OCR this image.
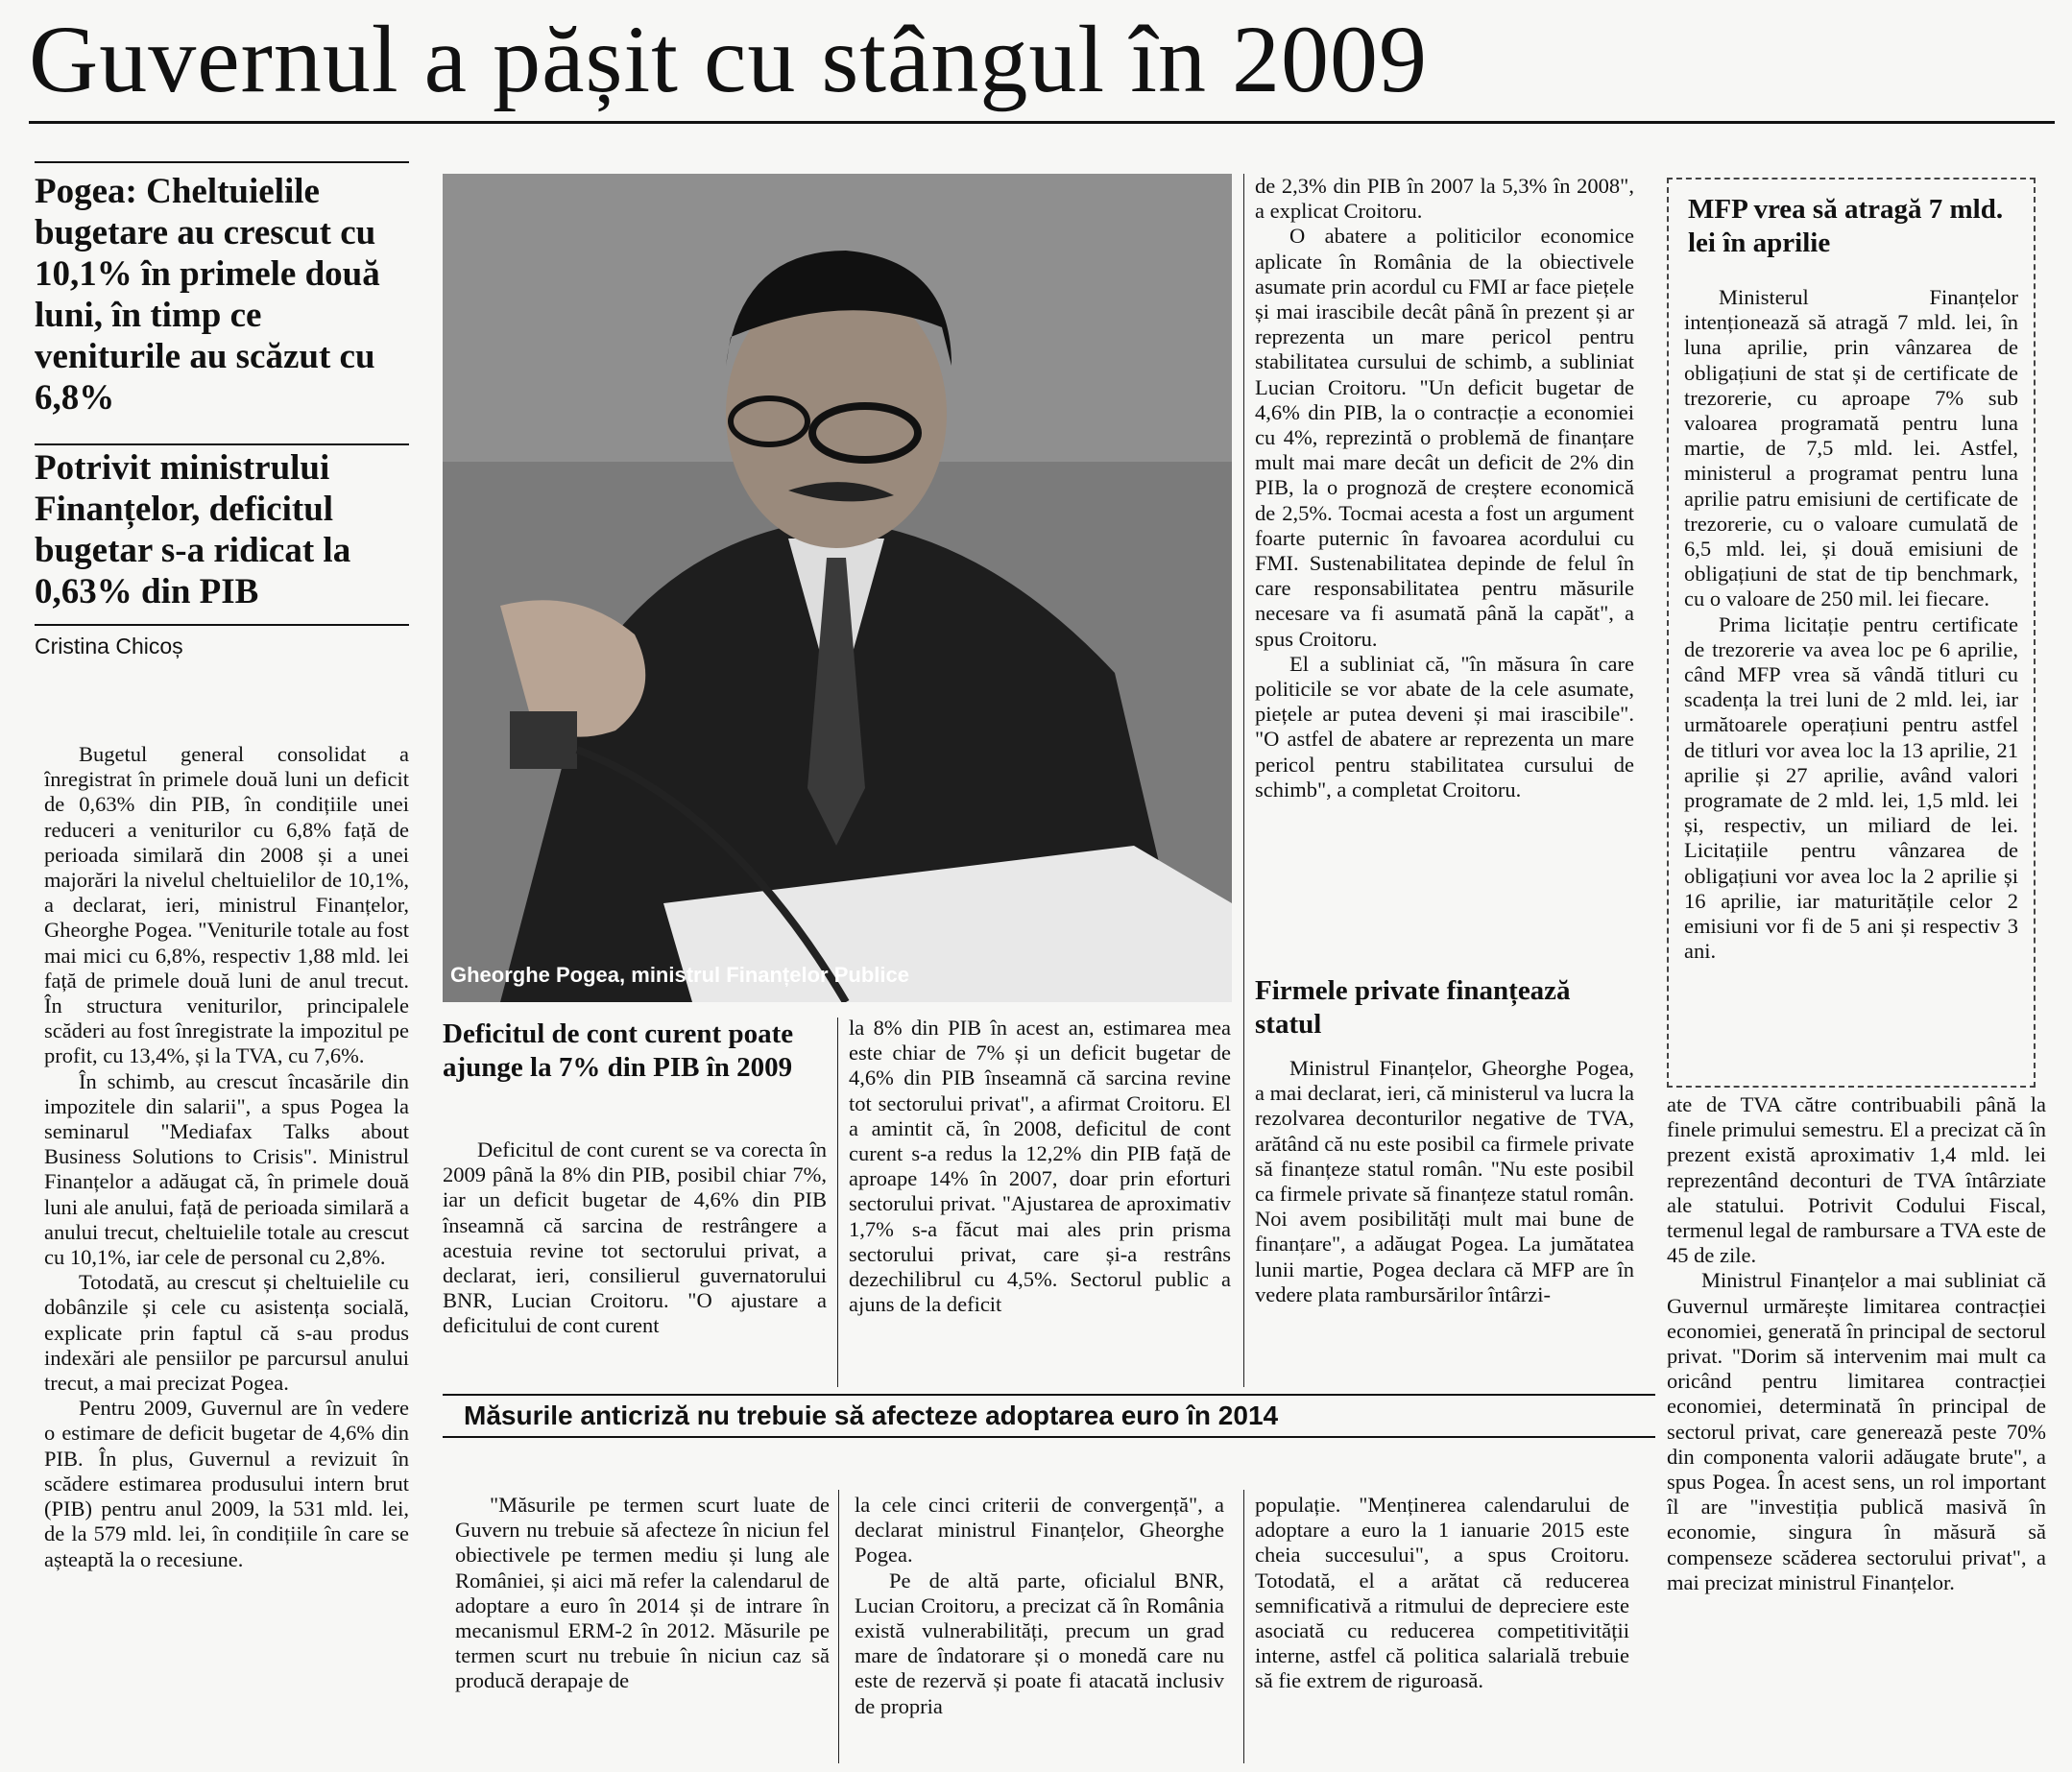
Guvernul a pășit cu stângul în 2009
Pogea: Cheltuielile bugetare au crescut cu 10,1% în primele două luni, în timp ce veniturile au scăzut cu 6,8%
Potrivit ministrului Finanțelor, deficitul bugetar s-a ridicat la 0,63% din PIB
Cristina Chicoș

Bugetul general consolidat a înregistrat în primele două luni un deficit de 0,63% din PIB, în condițiile unei reduceri a veniturilor cu 6,8% față de perioada similară din 2008 și a unei majorări la nivelul cheltuielilor de 10,1%, a declarat, ieri, ministrul Finanțelor, Gheorghe Pogea. "Veniturile totale au fost mai mici cu 6,8%, respectiv 1,88 mld. lei față de primele două luni de anul trecut. În structura veniturilor, principalele scăderi au fost înregistrate la impozitul pe profit, cu 13,4%, și la TVA, cu 7,6%.

În schimb, au crescut încasările din impozitele din salarii", a spus Pogea la seminarul "Mediafax Talks about Business Solutions to Crisis". Ministrul Finanțelor a adăugat că, în primele două luni ale anului, față de perioada similară a anului trecut, cheltuielile totale au crescut cu 10,1%, iar cele de personal cu 2,8%.

Totodată, au crescut și cheltuielile cu dobânzile și cele cu asistența socială, explicate prin faptul că s-au produs indexări ale pensiilor pe parcursul anului trecut, a mai precizat Pogea.

Pentru 2009, Guvernul are în vedere o estimare de deficit bugetar de 4,6% din PIB. În plus, Guvernul a revizuit în scădere estimarea produsului intern brut (PIB) pentru anul 2009, la 531 mld. lei, de la 579 mld. lei, în condițiile în care se așteaptă la o recesiune.

Gheorghe Pogea, ministrul Finanțelor Publice
Deficitul de cont curent poate ajunge la 7% din PIB în 2009

Deficitul de cont curent se va corecta în 2009 până la 8% din PIB, posibil chiar 7%, iar un deficit bugetar de 4,6% din PIB înseamnă că sarcina de restrângere a acestuia revine tot sectorului privat, a declarat, ieri, consilierul guvernatorului BNR, Lucian Croitoru. "O ajustare a deficitului de cont curent

la 8% din PIB în acest an, estimarea mea este chiar de 7% și un deficit bugetar de 4,6% din PIB înseamnă că sarcina revine tot sectorului privat", a afirmat Croitoru. El a amintit că, în 2008, deficitul de cont curent s-a redus la 12,2% din PIB față de aproape 14% în 2007, doar prin eforturi sectorului privat. "Ajustarea de aproximativ 1,7% s-a făcut mai ales prin prisma sectorului privat, care și-a restrâns dezechilibrul cu 4,5%. Sectorul public a ajuns de la deficit

de 2,3% din PIB în 2007 la 5,3% în 2008", a explicat Croitoru.

O abatere a politicilor economice aplicate în România de la obiectivele asumate prin acordul cu FMI ar face piețele și mai irascibile decât până în prezent și ar reprezenta un mare pericol pentru stabilitatea cursului de schimb, a subliniat Lucian Croitoru. "Un deficit bugetar de 4,6% din PIB, la o contracție a economiei cu 4%, reprezintă o problemă de finanțare mult mai mare decât un deficit de 2% din PIB, la o prognoză de creștere economică de 2,5%. Tocmai acesta a fost un argument foarte puternic în favoarea acordului cu FMI. Sustenabilitatea depinde de felul în care responsabilitatea pentru măsurile necesare va fi asumată până la capăt", a spus Croitoru.

El a subliniat că, "în măsura în care politicile se vor abate de la cele asumate, piețele ar putea deveni și mai irascibile". "O astfel de abatere ar reprezenta un mare pericol pentru stabilitatea cursului de schimb", a completat Croitoru.

Firmele private finanțează statul

Ministrul Finanțelor, Gheorghe Pogea, a mai declarat, ieri, că ministerul va lucra la rezolvarea deconturilor negative de TVA, arătând că nu este posibil ca firmele private să finanțeze statul român. "Nu este posibil ca firmele private să finanțeze statul român. Noi avem posibilități mult mai bune de finanțare", a adăugat Pogea. La jumătatea lunii martie, Pogea declara că MFP are în vedere plata rambursărilor întârzi-

MFP vrea să atragă 7 mld. lei în aprilie

Ministerul Finanțelor intenționează să atragă 7 mld. lei, în luna aprilie, prin vânzarea de obligațiuni de stat și de certificate de trezorerie, cu aproape 7% sub valoarea programată pentru luna martie, de 7,5 mld. lei. Astfel, ministerul a programat pentru luna aprilie patru emisiuni de certificate de trezorerie, cu o valoare cumulată de 6,5 mld. lei, și două emisiuni de obligațiuni de stat de tip benchmark, cu o valoare de 250 mil. lei fiecare.

Prima licitație pentru certificate de trezorerie va avea loc pe 6 aprilie, când MFP vrea să vândă titluri cu scadența la trei luni de 2 mld. lei, iar următoarele operațiuni pentru astfel de titluri vor avea loc la 13 aprilie, 21 aprilie și 27 aprilie, având valori programate de 2 mld. lei, 1,5 mld. lei și, respectiv, un miliard de lei. Licitațiile pentru vânzarea de obligațiuni vor avea loc la 2 aprilie și 16 aprilie, iar maturitățile celor 2 emisiuni vor fi de 5 ani și respectiv 3 ani.

ate de TVA către contribuabili până la finele primului semestru. El a precizat că în prezent există aproximativ 1,4 mld. lei reprezentând deconturi de TVA întârziate ale statului. Potrivit Codului Fiscal, termenul legal de rambursare a TVA este de 45 de zile.

Ministrul Finanțelor a mai subliniat că Guvernul urmărește limitarea contracției economiei, generată în principal de sectorul privat. "Dorim să intervenim mai mult ca oricând pentru limitarea contracției economiei, determinată în principal de sectorul privat, care generează peste 70% din componenta valorii adăugate brute", a spus Pogea. În acest sens, un rol important îl are "investiția publică masivă în economie, singura în măsură să compenseze scăderea sectorului privat", a mai precizat ministrul Finanțelor.

Măsurile anticriză nu trebuie să afecteze adoptarea euro în 2014

"Măsurile pe termen scurt luate de Guvern nu trebuie să afecteze în niciun fel obiectivele pe termen mediu și lung ale României, și aici mă refer la calendarul de adoptare a euro în 2014 și de intrare în mecanismul ERM-2 în 2012. Măsurile pe termen scurt nu trebuie în niciun caz să producă derapaje de

la cele cinci criterii de convergență", a declarat ministrul Finanțelor, Gheorghe Pogea.

Pe de altă parte, oficialul BNR, Lucian Croitoru, a precizat că în România există vulnerabilități, precum un grad mare de îndatorare și o monedă care nu este de rezervă și poate fi atacată inclusiv de propria

populație. "Menținerea calendarului de adoptare a euro la 1 ianuarie 2015 este cheia succesului", a spus Croitoru. Totodată, el a arătat că reducerea semnificativă a ritmului de depreciere este asociată cu reducerea competitivității interne, astfel că politica salarială trebuie să fie extrem de riguroasă.
